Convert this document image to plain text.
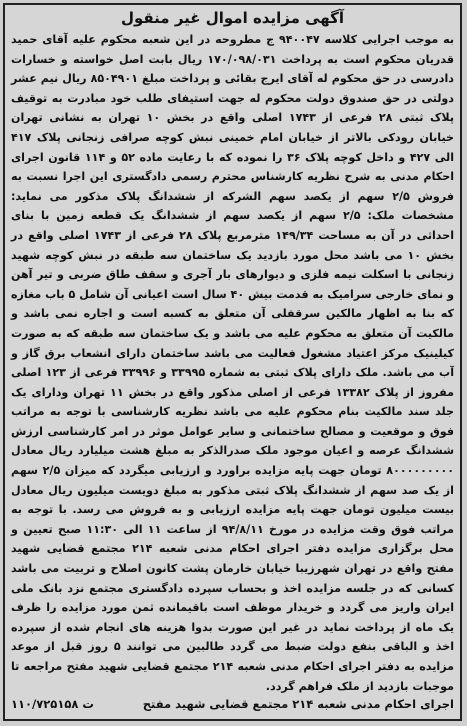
آگهی مزایده اموال غیر منقول
به موجب اجرایی کلاسه ۹۴۰۰۴۷ ج مطروحه در این شعبه محکوم علیه آقای حمید قدریان محکوم است به پرداخت ۱۷۰/۰۹۸/۰۳۱ ریال بابت اصل خواسته و خسارات دادرسی در حق محکوم له آقای ایرج بقائی و پرداخت مبلغ ۸۵۰۴۹۰۱ ریال نیم عشر دولتی در حق صندوق دولت محکوم له جهت استیفای طلب خود مبادرت به توقیف پلاک ثبتی ۲۸ فرعی از ۱۷۴۳ اصلی واقع در بخش ۱۰ تهران به نشانی تهران خیابان رودکی بالاتر از خیابان امام خمینی نبش کوچه صرافی زنجانی پلاک ۴۱۷ الی ۴۲۷ و داخل کوچه پلاک ۳۶ را نموده که با رعایت ماده ۵۲ و ۱۱۴ قانون اجرای احکام مدنی به شرح نظریه کارشناس محترم رسمی دادگستری این اجرا نسبت به فروش ۲/۵ سهم از یکصد سهم الشرکه از ششدانگ پلاک مذکور می نماید: مشخصات ملک: ۲/۵ سهم از یکصد سهم از ششدانگ یک قطعه زمین با بنای احداثی در آن به مساحت ۱۴۹/۳۴ مترمربع پلاک ۲۸ فرعی از ۱۷۴۳ اصلی واقع در بخش ۱۰ می باشد محل مورد بازدید یک ساختمان سه طبقه در نبش کوچه شهید زنجانی با اسکلت نیمه فلزی و دیوارهای بار آجری و سقف طاق ضربی و تیر آهن و نمای خارجی سرامیک به قدمت بیش ۴۰ سال است اعیانی آن شامل ۵ باب مغازه که بنا به اظهار مالکین سرقفلی آن متعلق به کسبه است و اجاره نمی باشد و مالکیت آن متعلق به محکوم علیه می باشد و یک ساختمان سه طبقه که به صورت کیلینیک مرکز اعتیاد مشغول فعالیت می باشد ساختمان دارای انشعاب برق گاز و آب می باشد. ملک دارای پلاک ثبتی به شماره ۳۳۹۹۵ و ۳۳۹۹۶ فرعی از ۱۲۳ اصلی مفروز از پلاک ۱۳۳۸۲ فرعی از اصلی مذکور واقع در بخش ۱۱ تهران ودارای یک جلد سند مالکیت بنام محکوم علیه می باشد نظریه کارشناسی با توجه به مراتب فوق و موقعیت و مصالح ساختمانی و سایر عوامل موثر در امر کارشناسی ارزش ششدانگ عرصه و اعیان موجود ملک صدرالذکر به مبلغ هشت میلیارد ریال معادل ۸۰۰۰۰۰۰۰۰۰ تومان جهت پایه مزایده براورد و ارزیابی میگردد که میزان ۲/۵ سهم از یک صد سهم از ششدانگ پلاک ثبتی مذکور به مبلغ دویست میلیون ریال معادل بیست میلیون تومان جهت پایه مزایده ارزیابی و به فروش می رسد. با توجه به مراتب فوق وقت مزایده در مورخ ۹۴/۸/۱۱ از ساعت ۱۱ الی ۱۱:۳۰ صبح تعیین و محل برگزاری مزایده دفتر اجرای احکام مدنی شعبه ۲۱۴ مجتمع قضایی شهید مفتح واقع در تهران شهرزیبا خیابان خارمان پشت کانون اصلاح و تربیت می باشد کسانی که در جلسه مزایده اخذ و بحساب سپرده دادگستری مجتمع نزد بانک ملی ایران واریز می گردد و خریدار موظف است باقیمانده ثمن مورد مزایده را ظرف یک ماه از پرداخت نماید در غیر این صورت بدوا هزینه های انجام شده از سپرده اخذ و الباقی بنفع دولت ضبط می گردد طالبین می توانند ۵ روز قبل از موعد مزایده به دفتر اجرای احکام مدنی شعبه ۲۱۴ مجتمع قضایی شهید مفتح مراجعه تا موجبات بازدید از ملک فراهم گردد.
اجرای احکام مدنی شعبه ۲۱۴ مجتمع قضایی شهید مفتح
ت ۱۱۰/۷۲۵۱۵۸
